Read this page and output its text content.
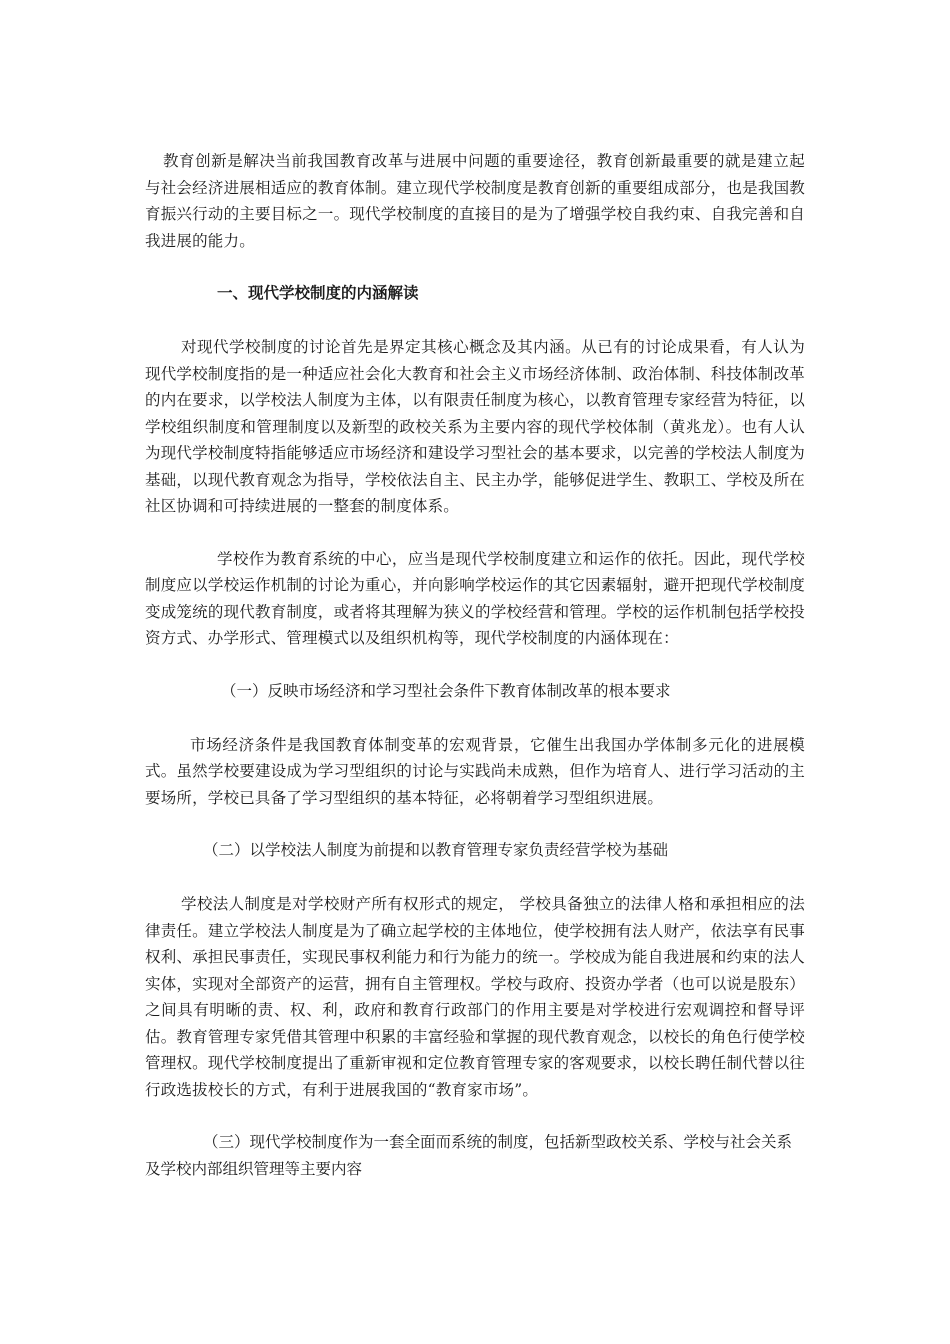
教育创新是解决当前我国教育改革与进展中问题的重要途径，教育创新最重要的就是建立起与社会经济进展相适应的教育体制。建立现代学校制度是教育创新的重要组成部分，也是我国教育振兴行动的主要目标之一。现代学校制度的直接目的是为了增强学校自我约束、自我完善和自我进展的能力。

一、现代学校制度的内涵解读

对现代学校制度的讨论首先是界定其核心概念及其内涵。从已有的讨论成果看，有人认为现代学校制度指的是一种适应社会化大教育和社会主义市场经济体制、政治体制、科技体制改革的内在要求，以学校法人制度为主体，以有限责任制度为核心，以教育管理专家经营为特征，以学校组织制度和管理制度以及新型的政校关系为主要内容的现代学校体制（黄兆龙）。也有人认为现代学校制度特指能够适应市场经济和建设学习型社会的基本要求，以完善的学校法人制度为基础，以现代教育观念为指导，学校依法自主、民主办学，能够促进学生、教职工、学校及所在社区协调和可持续进展的一整套的制度体系。

学校作为教育系统的中心，应当是现代学校制度建立和运作的依托。因此，现代学校制度应以学校运作机制的讨论为重心，并向影响学校运作的其它因素辐射，避开把现代学校制度变成笼统的现代教育制度，或者将其理解为狭义的学校经营和管理。学校的运作机制包括学校投资方式、办学形式、管理模式以及组织机构等，现代学校制度的内涵体现在：

（一）反映市场经济和学习型社会条件下教育体制改革的根本要求

市场经济条件是我国教育体制变革的宏观背景，它催生出我国办学体制多元化的进展模式。虽然学校要建设成为学习型组织的讨论与实践尚未成熟，但作为培育人、进行学习活动的主要场所，学校已具备了学习型组织的基本特征，必将朝着学习型组织进展。

（二）以学校法人制度为前提和以教育管理专家负责经营学校为基础

学校法人制度是对学校财产所有权形式的规定， 学校具备独立的法律人格和承担相应的法律责任。建立学校法人制度是为了确立起学校的主体地位，使学校拥有法人财产，依法享有民事权利、承担民事责任，实现民事权利能力和行为能力的统一。学校成为能自我进展和约束的法人实体，实现对全部资产的运营，拥有自主管理权。学校与政府、投资办学者（也可以说是股东）之间具有明晰的责、权、利，政府和教育行政部门的作用主要是对学校进行宏观调控和督导评估。教育管理专家凭借其管理中积累的丰富经验和掌握的现代教育观念，以校长的角色行使学校管理权。现代学校制度提出了重新审视和定位教育管理专家的客观要求，以校长聘任制代替以往行政选拔校长的方式，有利于进展我国的“教育家市场”。

（三）现代学校制度作为一套全面而系统的制度，包括新型政校关系、学校与社会关系及学校内部组织管理等主要内容
